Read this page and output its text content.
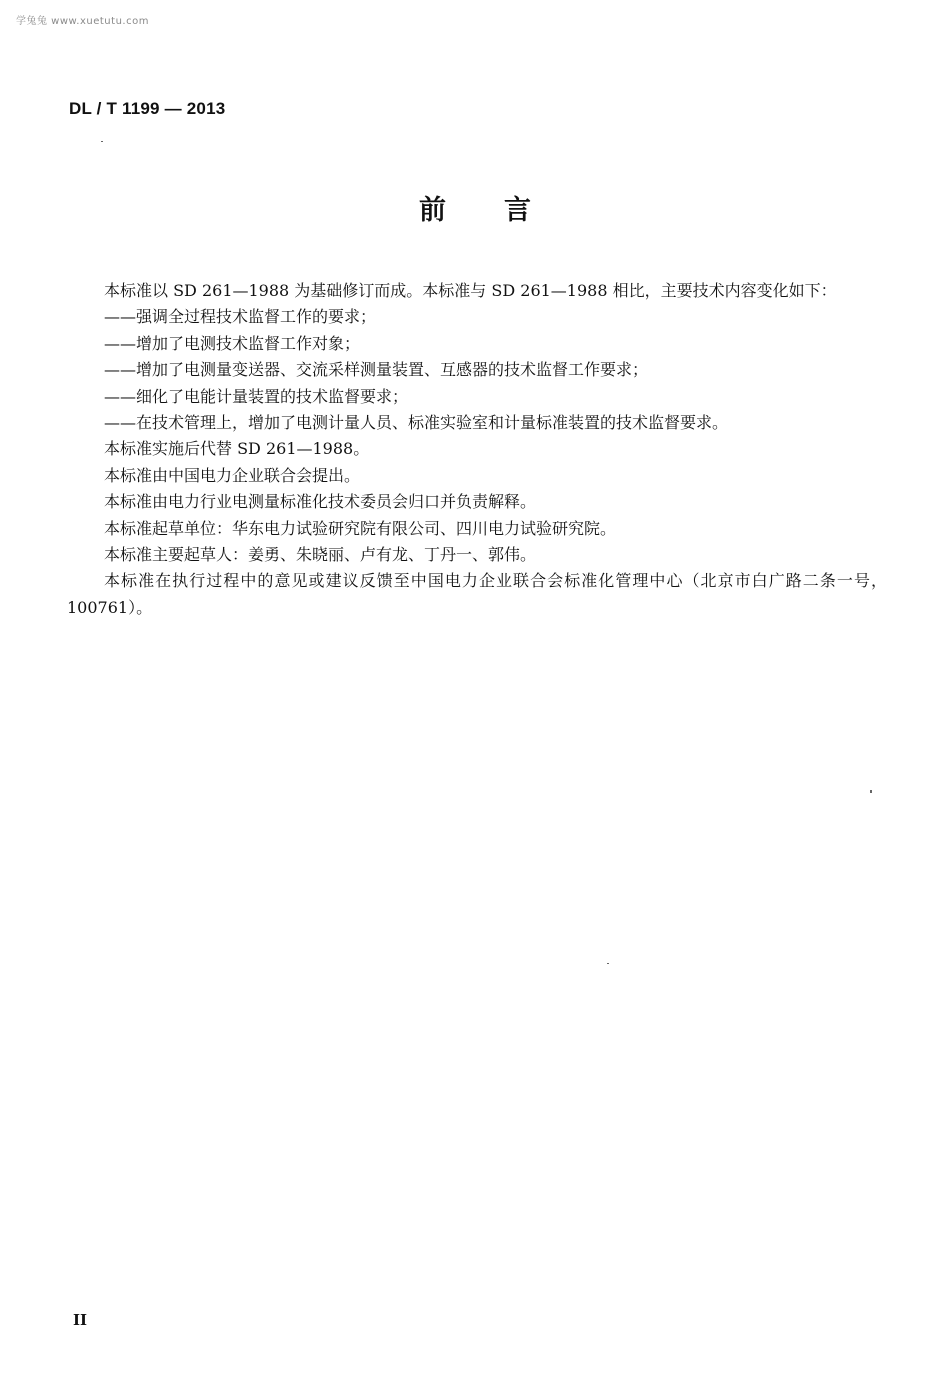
学兔兔 www.xuetutu.com
DL / T 1199 — 2013
前言

本标准以 SD 261—1988 为基础修订而成。本标准与 SD 261—1988 相比，主要技术内容变化如下：

——强调全过程技术监督工作的要求；

——增加了电测技术监督工作对象；

——增加了电测量变送器、交流采样测量装置、互感器的技术监督工作要求；

——细化了电能计量装置的技术监督要求；

——在技术管理上，增加了电测计量人员、标准实验室和计量标准装置的技术监督要求。

本标准实施后代替 SD 261—1988。

本标准由中国电力企业联合会提出。

本标准由电力行业电测量标准化技术委员会归口并负责解释。

本标准起草单位：华东电力试验研究院有限公司、四川电力试验研究院。

本标准主要起草人：姜勇、朱晓丽、卢有龙、丁丹一、郭伟。

本标准在执行过程中的意见或建议反馈至中国电力企业联合会标准化管理中心（北京市白广路二条一号，100761）。

II
